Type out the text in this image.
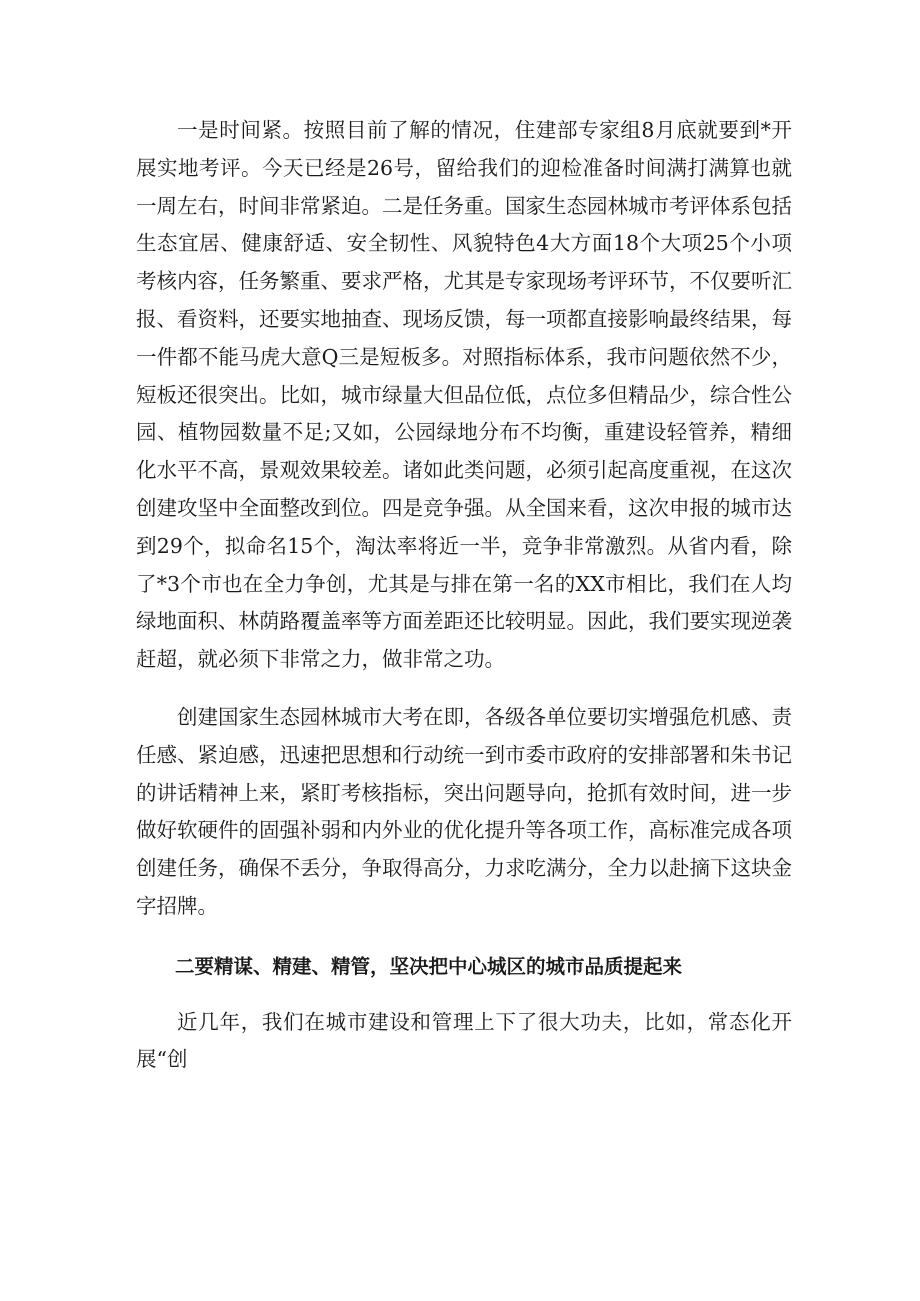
一是时间紧。按照目前了解的情况，住建部专家组8月底就要到*开展实地考评。今天已经是26号，留给我们的迎检准备时间满打满算也就一周左右，时间非常紧迫。二是任务重。国家生态园林城市考评体系包括生态宜居、健康舒适、安全韧性、风貌特色4大方面18个大项25个小项考核内容，任务繁重、要求严格，尤其是专家现场考评环节，不仅要听汇报、看资料，还要实地抽查、现场反馈，每一项都直接影响最终结果，每一件都不能马虎大意Q三是短板多。对照指标体系，我市问题依然不少，短板还很突出。比如，城市绿量大但品位低，点位多但精品少，综合性公园、植物园数量不足;又如，公园绿地分布不均衡，重建设轻管养，精细化水平不高，景观效果较差。诸如此类问题，必须引起高度重视，在这次创建攻坚中全面整改到位。四是竞争强。从全国来看，这次申报的城市达到29个，拟命名15个，淘汰率将近一半，竞争非常激烈。从省内看，除了*3个市也在全力争创，尤其是与排在第一名的XX市相比，我们在人均绿地面积、林荫路覆盖率等方面差距还比较明显。因此，我们要实现逆袭赶超，就必须下非常之力，做非常之功。

创建国家生态园林城市大考在即，各级各单位要切实增强危机感、责任感、紧迫感，迅速把思想和行动统一到市委市政府的安排部署和朱书记的讲话精神上来，紧盯考核指标，突出问题导向，抢抓有效时间，进一步做好软硬件的固强补弱和内外业的优化提升等各项工作，高标准完成各项创建任务，确保不丢分，争取得高分，力求吃满分，全力以赴摘下这块金字招牌。

二要精谋、精建、精管，坚决把中心城区的城市品质提起来

近几年，我们在城市建设和管理上下了很大功夫，比如，常态化开展“创
